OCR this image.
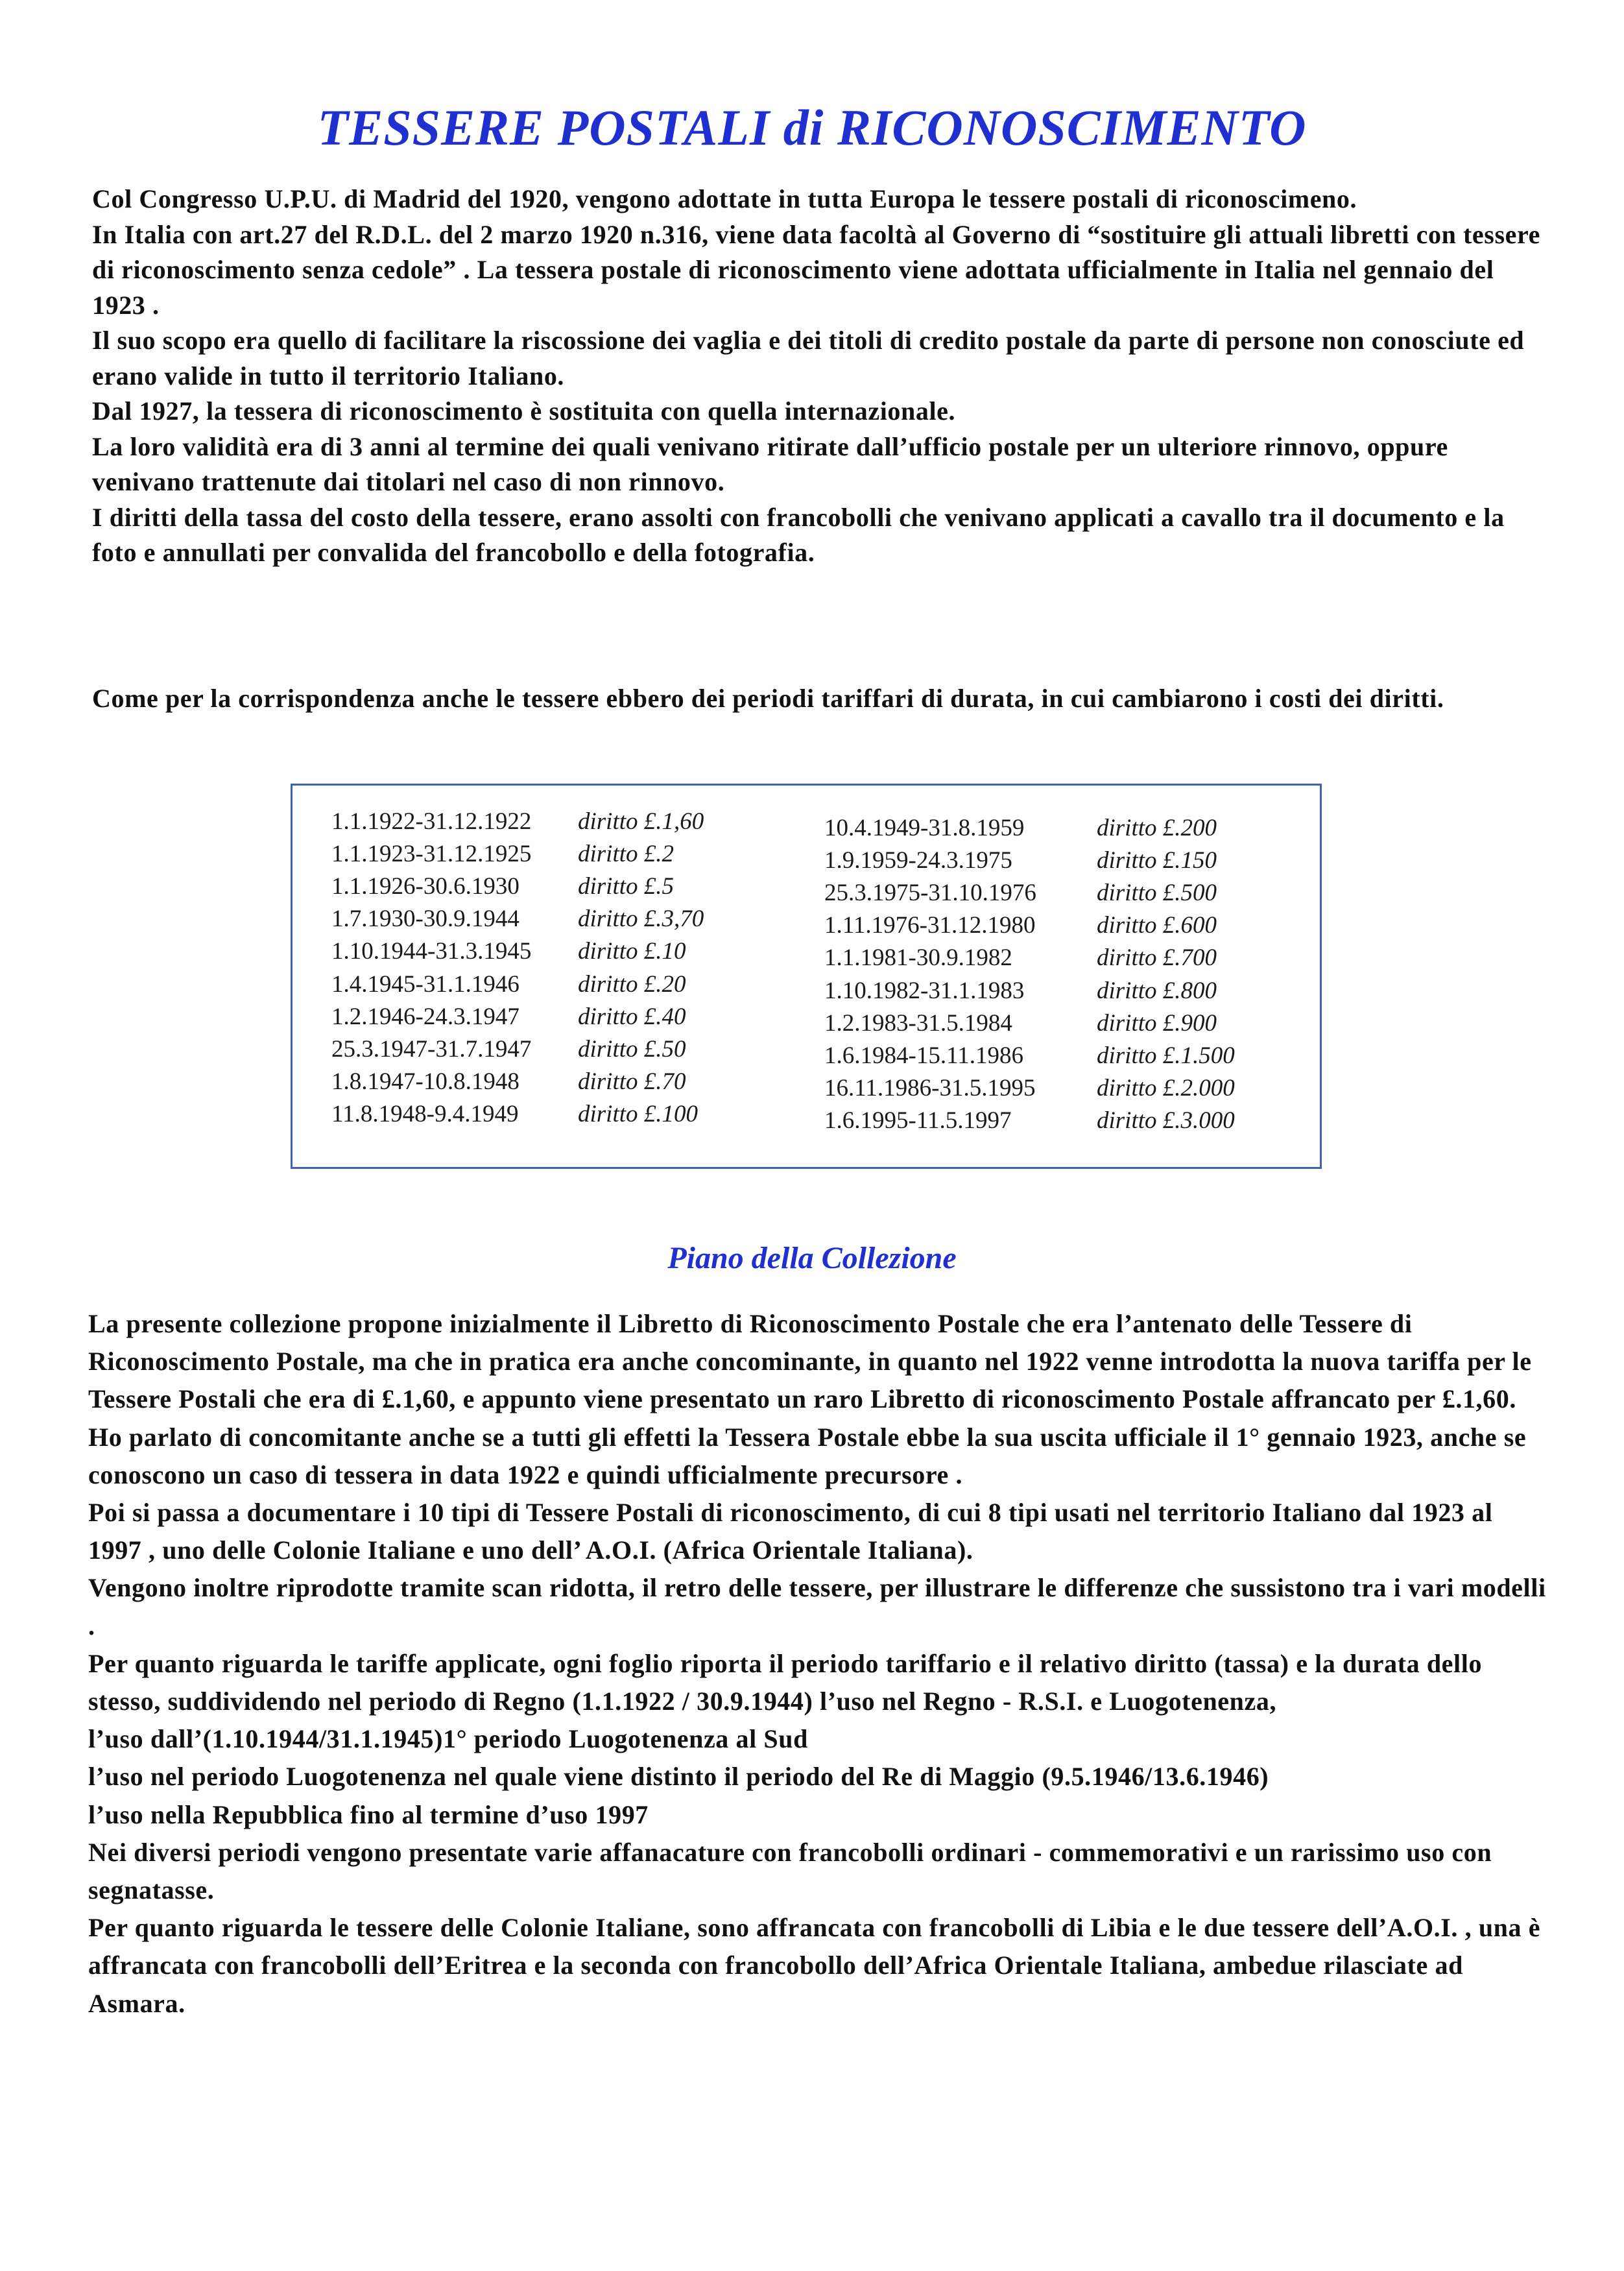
TESSERE POSTALI di RICONOSCIMENTO

Col Congresso U.P.U. di Madrid del 1920, vengono adottate in tutta Europa le tessere postali di riconoscimeno.

In Italia con art.27 del R.D.L. del 2 marzo 1920 n.316, viene data facoltà al Governo di “sostituire gli attuali libretti con tessere di riconoscimento senza cedole” . La tessera postale di riconoscimento viene adottata ufficialmente in Italia nel gennaio del 1923 .

Il suo scopo era quello di facilitare la riscossione dei vaglia e dei titoli di credito postale da parte di persone non conosciute ed erano valide in tutto il territorio Italiano.

Dal 1927, la tessera di riconoscimento è sostituita con quella internazionale.

La loro validità era di 3 anni al termine dei quali venivano ritirate dall’ufficio postale per un ulteriore rinnovo, oppure venivano trattenute dai titolari nel caso di non rinnovo.

I diritti della tassa del costo della tessere, erano assolti con francobolli che venivano applicati a cavallo tra il documento e la foto e annullati per convalida del francobollo e della fotografia.

Come per la corrispondenza anche le tessere ebbero dei periodi tariffari di durata, in cui cambiarono i costi dei diritti.
1.1.1922-31.12.1922	diritto £.1,60
1.1.1923-31.12.1925	diritto £.2
1.1.1926-30.6.1930	diritto £.5
1.7.1930-30.9.1944	diritto £.3,70
1.10.1944-31.3.1945	diritto £.10
1.4.1945-31.1.1946	diritto £.20
1.2.1946-24.3.1947	diritto £.40
25.3.1947-31.7.1947	diritto £.50
1.8.1947-10.8.1948	diritto £.70
11.8.1948-9.4.1949	diritto £.100
10.4.1949-31.8.1959	diritto £.200
1.9.1959-24.3.1975	diritto £.150
25.3.1975-31.10.1976	diritto £.500
1.11.1976-31.12.1980	diritto £.600
1.1.1981-30.9.1982	diritto £.700
1.10.1982-31.1.1983	diritto £.800
1.2.1983-31.5.1984	diritto £.900
1.6.1984-15.11.1986	diritto £.1.500
16.11.1986-31.5.1995	diritto £.2.000
1.6.1995-11.5.1997	diritto £.3.000
Piano della Collezione

La presente collezione propone inizialmente il Libretto di Riconoscimento Postale che era l’antenato delle Tessere di Riconoscimento Postale, ma che in pratica era anche concominante, in quanto nel 1922 venne introdotta la nuova tariffa per le Tessere Postali che era di £.1,60, e appunto viene presentato un raro Libretto di riconoscimento Postale affrancato per £.1,60. Ho parlato di concomitante anche se a tutti gli effetti la Tessera Postale ebbe la sua uscita ufficiale il 1° gennaio 1923, anche se conoscono un caso di tessera in data 1922 e quindi ufficialmente precursore .

Poi si passa a documentare i 10 tipi di Tessere Postali di riconoscimento, di cui 8 tipi usati nel territorio Italiano dal 1923 al 1997 , uno delle Colonie Italiane e uno dell’ A.O.I. (Africa Orientale Italiana).

Vengono inoltre riprodotte tramite scan ridotta, il retro delle tessere, per illustrare le differenze che sussistono tra i vari modelli .

Per quanto riguarda le tariffe applicate, ogni foglio riporta il periodo tariffario e il relativo diritto (tassa) e la durata dello stesso, suddividendo nel periodo di Regno (1.1.1922 / 30.9.1944) l’uso nel Regno - R.S.I. e Luogotenenza,

l’uso dall’(1.10.1944/31.1.1945)1° periodo Luogotenenza al Sud

l’uso nel periodo Luogotenenza nel quale viene distinto il periodo del Re di Maggio (9.5.1946/13.6.1946)

l’uso nella Repubblica fino al termine d’uso 1997

Nei diversi periodi vengono presentate varie affanacature con francobolli ordinari - commemorativi e un rarissimo uso con segnatasse.

Per quanto riguarda le tessere delle Colonie Italiane, sono affrancata con francobolli di Libia e le due tessere dell’A.O.I. , una è affrancata con francobolli dell’Eritrea e la seconda con francobollo dell’Africa Orientale Italiana, ambedue rilasciate ad Asmara.
